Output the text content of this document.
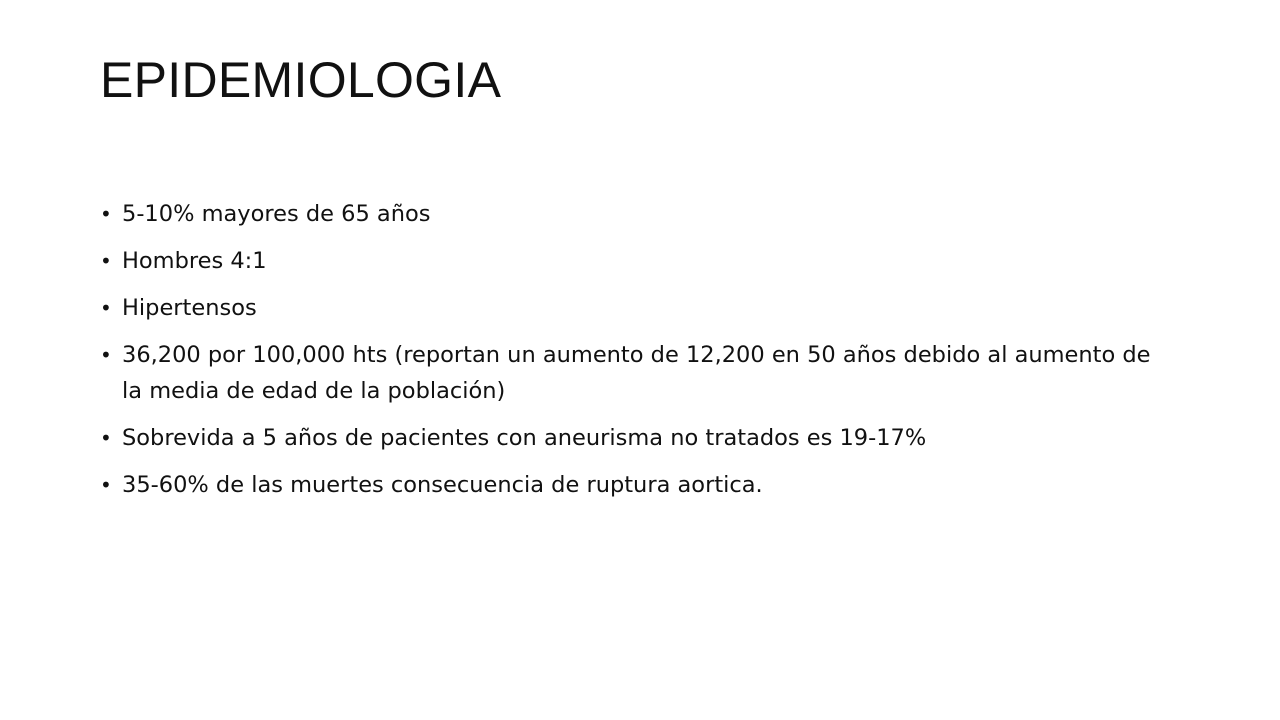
EPIDEMIOLOGIA
• 5-10% mayores de 65 años
• Hombres 4:1
• Hipertensos
• 36,200 por 100,000 hts (reportan un aumento de 12,200 en 50 años debido al aumento de la media de edad de la población)
• Sobrevida a 5 años de pacientes con aneurisma no tratados es 19-17%
• 35-60% de las muertes consecuencia de ruptura aortica.
